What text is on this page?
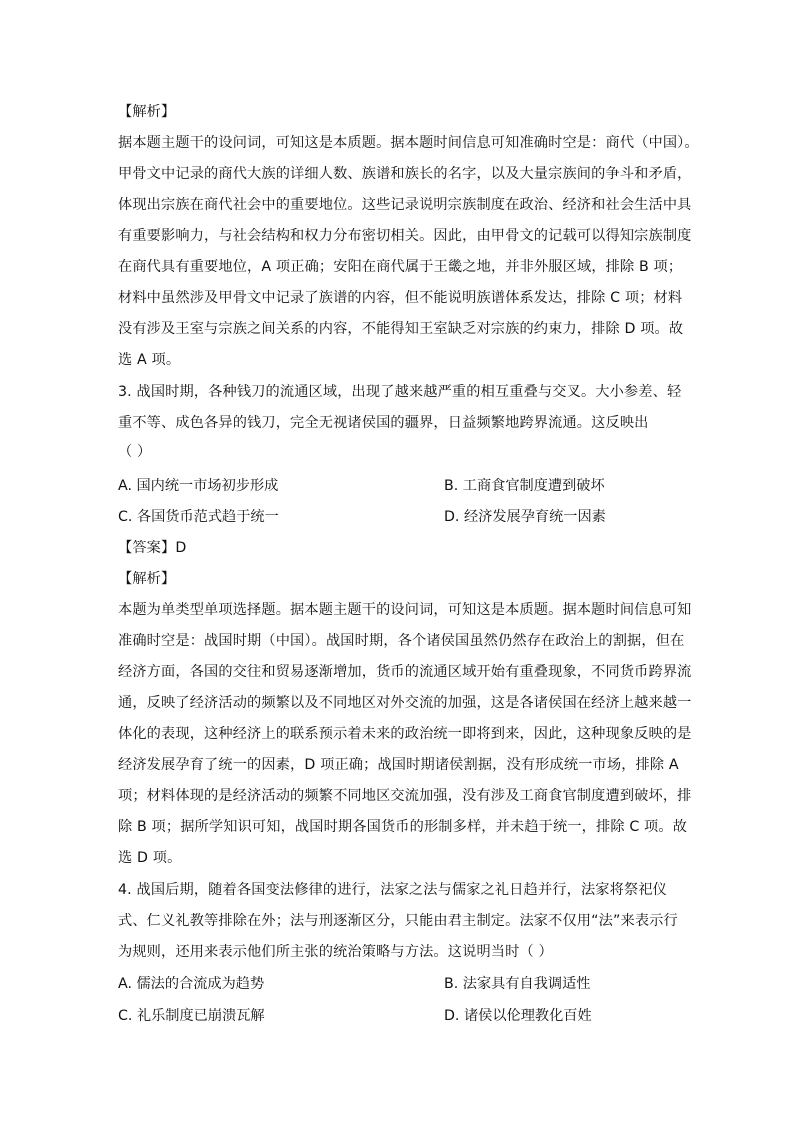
【解析】
据本题主题干的设问词，可知这是本质题。据本题时间信息可知准确时空是：商代（中国）。
甲骨文中记录的商代大族的详细人数、族谱和族长的名字，以及大量宗族间的争斗和矛盾，
体现出宗族在商代社会中的重要地位。这些记录说明宗族制度在政治、经济和社会生活中具
有重要影响力，与社会结构和权力分布密切相关。因此，由甲骨文的记载可以得知宗族制度
在商代具有重要地位，A 项正确；安阳在商代属于王畿之地，并非外服区域，排除 B 项；
材料中虽然涉及甲骨文中记录了族谱的内容，但不能说明族谱体系发达，排除 C 项；材料
没有涉及王室与宗族之间关系的内容，不能得知王室缺乏对宗族的约束力，排除 D 项。故
选 A 项。
3. 战国时期，各种钱刀的流通区域，出现了越来越严重的相互重叠与交叉。大小参差、轻
重不等、成色各异的钱刀，完全无视诸侯国的疆界，日益频繁地跨界流通。这反映出
（ ）
A. 国内统一市场初步形成	B. 工商食官制度遭到破坏
C. 各国货币范式趋于统一	D. 经济发展孕育统一因素
【答案】D
【解析】
本题为单类型单项选择题。据本题主题干的设问词，可知这是本质题。据本题时间信息可知
准确时空是：战国时期（中国）。战国时期，各个诸侯国虽然仍然存在政治上的割据，但在
经济方面，各国的交往和贸易逐渐增加，货币的流通区域开始有重叠现象，不同货币跨界流
通，反映了经济活动的频繁以及不同地区对外交流的加强，这是各诸侯国在经济上越来越一
体化的表现，这种经济上的联系预示着未来的政治统一即将到来，因此，这种现象反映的是
经济发展孕育了统一的因素，D 项正确；战国时期诸侯割据，没有形成统一市场，排除 A
项；材料体现的是经济活动的频繁不同地区交流加强，没有涉及工商食官制度遭到破坏，排
除 B 项；据所学知识可知，战国时期各国货币的形制多样，并未趋于统一，排除 C 项。故
选 D 项。
4. 战国后期，随着各国变法修律的进行，法家之法与儒家之礼日趋并行，法家将祭祀仪
式、仁义礼教等排除在外；法与刑逐渐区分，只能由君主制定。法家不仅用“法”来表示行
为规则，还用来表示他们所主张的统治策略与方法。这说明当时（ ）
A. 儒法的合流成为趋势	B. 法家具有自我调适性
C. 礼乐制度已崩溃瓦解	D. 诸侯以伦理教化百姓
